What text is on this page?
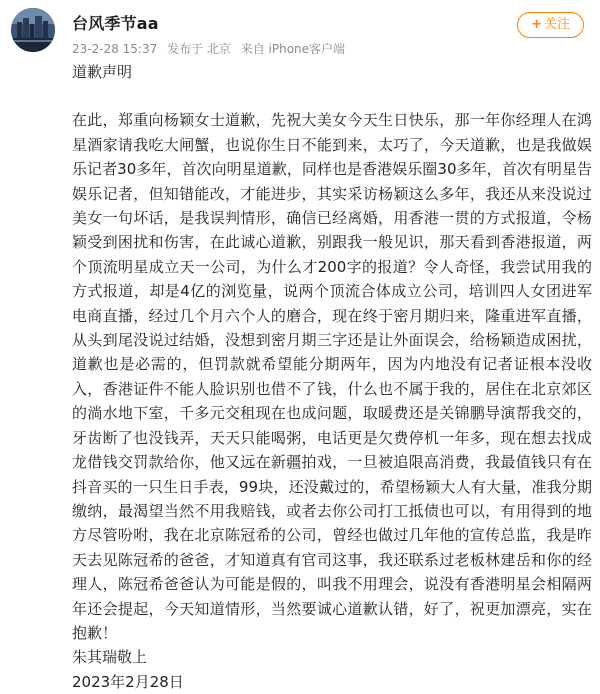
台风季节aa
23-2-28 15:37 发布于 北京 来自 iPhone客户端
+ 关注

道歉声明

在此，郑重向杨颖女士道歉，先祝大美女今天生日快乐，那一年你经理人在鸿星酒家请我吃大闸蟹，也说你生日不能到来，太巧了，今天道歉，也是我做娱乐记者30多年，首次向明星道歉，同样也是香港娱乐圈30多年，首次有明星告娱乐记者，但知错能改，才能进步，其实采访杨颖这么多年，我还从来没说过美女一句坏话，是我误判情形，确信已经离婚，用香港一贯的方式报道，令杨颖受到困扰和伤害，在此诚心道歉，别跟我一般见识，那天看到香港报道，两个顶流明星成立天一公司，为什么才200字的报道？令人奇怪，我尝试用我的方式报道，却是4亿的浏览量，说两个顶流合体成立公司，培训四人女团进军电商直播，经过几个月六个人的磨合，现在终于密月期归来，隆重进军直播，从头到尾没说过结婚，没想到密月期三字还是让外面误会，给杨颖造成困扰，道歉也是必需的，但罚款就希望能分期两年，因为内地没有记者证根本没收入，香港证件不能人脸识别也借不了钱，什么也不属于我的，居住在北京郊区的淌水地下室，千多元交租现在也成问题，取暖费还是关锦鹏导演帮我交的，牙齿断了也没钱弄，天天只能喝粥，电话更是欠费停机一年多，现在想去找成龙借钱交罚款给你，他又远在新疆拍戏，一旦被追限高消费，我最值钱只有在抖音买的一只生日手表，99块，还没戴过的，希望杨颖大人有大量，准我分期缴纳，最渴望当然不用我赔钱，或者去你公司打工抵债也可以，有用得到的地方尽管吩咐，我在北京陈冠希的公司，曾经也做过几年他的宣传总监，我是昨天去见陈冠希的爸爸，才知道真有官司这事，我还联系过老板林建岳和你的经理人，陈冠希爸爸认为可能是假的，叫我不用理会，说没有香港明星会相隔两年还会提起，今天知道情形，当然要诚心道歉认错，好了，祝更加漂亮，实在抱歉！

朱其瑞敬上

2023年2月28日
